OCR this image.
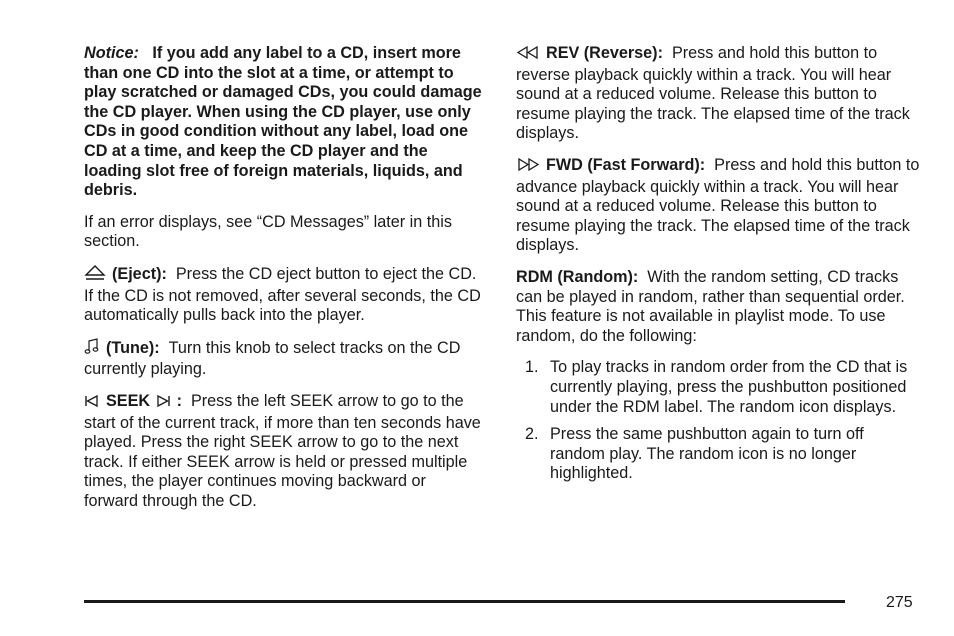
Notice: If you add any label to a CD, insert more than one CD into the slot at a time, or attempt to play scratched or damaged CDs, you could damage the CD player. When using the CD player, use only CDs in good condition without any label, load one CD at a time, and keep the CD player and the loading slot free of foreign materials, liquids, and debris.

If an error displays, see “CD Messages” later in this section.

(Eject): Press the CD eject button to eject the CD. If the CD is not removed, after several seconds, the CD automatically pulls back into the player.

(Tune): Turn this knob to select tracks on the CD currently playing.

SEEK : Press the left SEEK arrow to go to the start of the current track, if more than ten seconds have played. Press the right SEEK arrow to go to the next track. If either SEEK arrow is held or pressed multiple times, the player continues moving backward or forward through the CD.

REV (Reverse): Press and hold this button to reverse playback quickly within a track. You will hear sound at a reduced volume. Release this button to resume playing the track. The elapsed time of the track displays.

FWD (Fast Forward): Press and hold this button to advance playback quickly within a track. You will hear sound at a reduced volume. Release this button to resume playing the track. The elapsed time of the track displays.

RDM (Random): With the random setting, CD tracks can be played in random, rather than sequential order. This feature is not available in playlist mode. To use random, do the following:

1. To play tracks in random order from the CD that is currently playing, press the pushbutton positioned under the RDM label. The random icon displays.
2. Press the same pushbutton again to turn off random play. The random icon is no longer highlighted.
275
